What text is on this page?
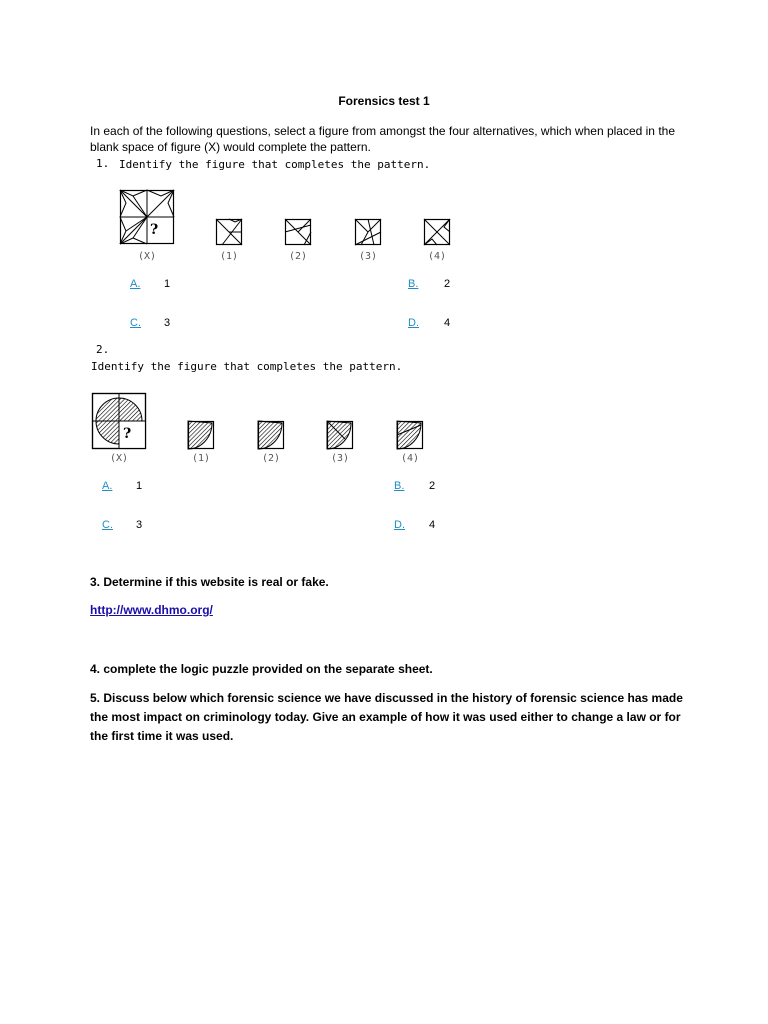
Forensics test 1
In each of the following questions, select a figure from amongst the four alternatives, which when placed in the blank space of figure (X) would complete the pattern.
1. Identify the figure that completes the pattern.
?
(X)	(1)	(2)	(3)	(4)
A. 1	B. 2
C. 3	D. 4
2.
Identify the figure that completes the pattern.
?
(X)	(1)	(2)	(3)	(4)
A. 1	B. 2
C. 3	D. 4
3. Determine if this website is real or fake.
http://www.dhmo.org/
4. complete the logic puzzle provided on the separate sheet.
5. Discuss below which forensic science we have discussed in the history of forensic science has made the most impact on criminology today. Give an example of how it was used either to change a law or for the first time it was used.
